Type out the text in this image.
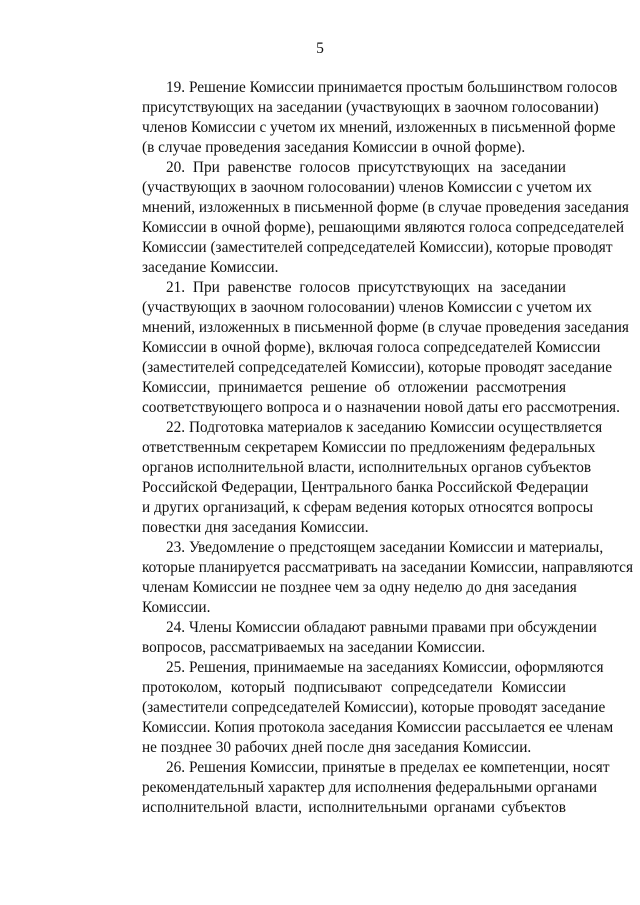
5

19. Решение Комиссии принимается простым большинством голосов
присутствующих на заседании (участвующих в заочном голосовании)
членов Комиссии с учетом их мнений, изложенных в письменной форме
(в случае проведения заседания Комиссии в очной форме).

20. При равенстве голосов присутствующих на заседании
(участвующих в заочном голосовании) членов Комиссии с учетом их
мнений, изложенных в письменной форме (в случае проведения заседания
Комиссии в очной форме), решающими являются голоса сопредседателей
Комиссии (заместителей сопредседателей Комиссии), которые проводят
заседание Комиссии.

21. При равенстве голосов присутствующих на заседании
(участвующих в заочном голосовании) членов Комиссии с учетом их
мнений, изложенных в письменной форме (в случае проведения заседания
Комиссии в очной форме), включая голоса сопредседателей Комиссии
(заместителей сопредседателей Комиссии), которые проводят заседание
Комиссии, принимается решение об отложении рассмотрения
соответствующего вопроса и о назначении новой даты его рассмотрения.

22. Подготовка материалов к заседанию Комиссии осуществляется
ответственным секретарем Комиссии по предложениям федеральных
органов исполнительной власти, исполнительных органов субъектов
Российской Федерации, Центрального банка Российской Федерации
и других организаций, к сферам ведения которых относятся вопросы
повестки дня заседания Комиссии.

23. Уведомление о предстоящем заседании Комиссии и материалы,
которые планируется рассматривать на заседании Комиссии, направляются
членам Комиссии не позднее чем за одну неделю до дня заседания
Комиссии.

24. Члены Комиссии обладают равными правами при обсуждении
вопросов, рассматриваемых на заседании Комиссии.

25. Решения, принимаемые на заседаниях Комиссии, оформляются
протоколом, который подписывают сопредседатели Комиссии
(заместители сопредседателей Комиссии), которые проводят заседание
Комиссии. Копия протокола заседания Комиссии рассылается ее членам
не позднее 30 рабочих дней после дня заседания Комиссии.

26. Решения Комиссии, принятые в пределах ее компетенции, носят
рекомендательный характер для исполнения федеральными органами
исполнительной власти, исполнительными органами субъектов
